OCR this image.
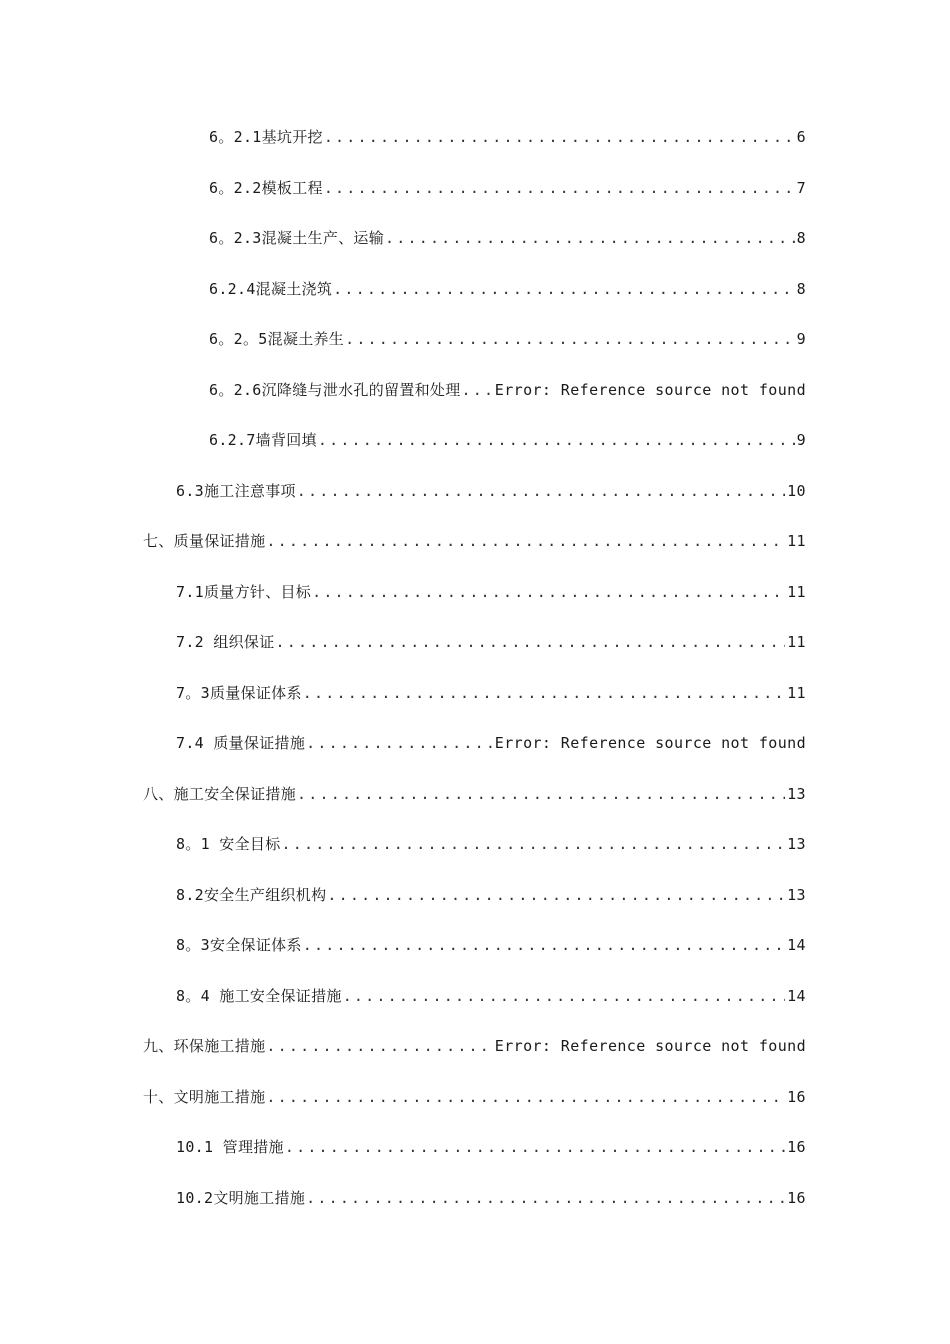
6。2.1基坑开挖 .....	6
6。2.2模板工程 .....	7
6。2.3混凝土生产、运输 .....	8
6.2.4混凝土浇筑 .....	8
6。2。5混凝土养生 .....	9
6。2.6沉降缝与泄水孔的留置和处理 ..... Error: Reference source not found
6.2.7墙背回填 .....	9
6.3施工注意事项 .....	10
七、质量保证措施 .....	11
7.1质量方针、目标 .....	11
7.2 组织保证 .....	11
7。3质量保证体系 .....	11
7.4 质量保证措施 .....	Error: Reference source not found
八、施工安全保证措施 .....	13
8。1 安全目标 .....	13
8.2安全生产组织机构 .....	13
8。3安全保证体系 .....	14
8。4 施工安全保证措施 .....	14
九、环保施工措施 .....	Error: Reference source not found
十、文明施工措施 .....	16
10.1 管理措施 .....	16
10.2文明施工措施 .....	16
